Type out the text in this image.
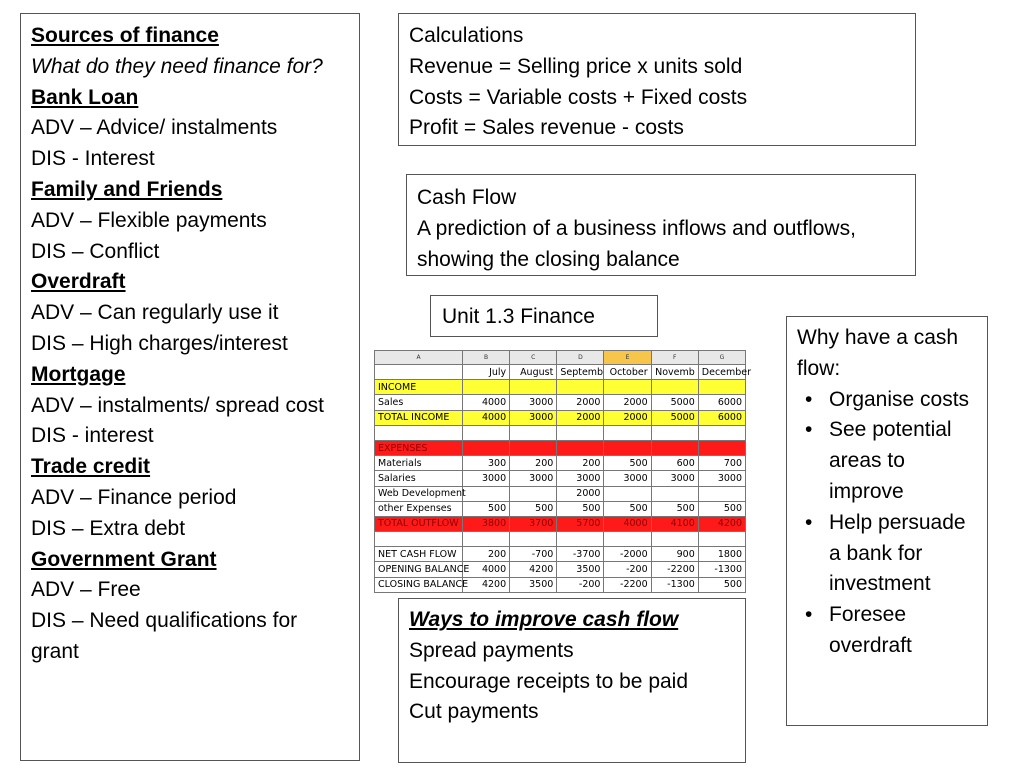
Sources of finance
What do they need finance for?
Bank Loan
ADV – Advice/ instalments
DIS - Interest
Family and Friends
ADV – Flexible payments
DIS – Conflict
Overdraft
ADV – Can regularly use it
DIS – High charges/interest
Mortgage
ADV – instalments/ spread cost
DIS - interest
Trade credit
ADV – Finance period
DIS – Extra debt
Government Grant
ADV – Free
DIS – Need qualifications for grant
Calculations
Revenue = Selling price x units sold
Costs = Variable costs + Fixed costs
Profit = Sales revenue - costs
Cash Flow
A prediction of a business inflows and outflows, showing the closing balance
Unit 1.3 Finance
A	B	C	D	E	F	G
	July	August	Septemb	October	Novemb	December
INCOME						
Sales	4000	3000	2000	2000	5000	6000
TOTAL INCOME	4000	3000	2000	2000	5000	6000

EXPENSES						
Materials	300	200	200	500	600	700
Salaries	3000	3000	3000	3000	3000	3000
Web Development			2000			
other Expenses	500	500	500	500	500	500
TOTAL OUTFLOW	3800	3700	5700	4000	4100	4200

NET CASH FLOW	200	-700	-3700	-2000	900	1800
OPENING BALANCE	4000	4200	3500	-200	-2200	-1300
CLOSING BALANCE	4200	3500	-200	-2200	-1300	500
Why have a cash flow:
• Organise costs
• See potential areas to improve
• Help persuade a bank for investment
• Foresee overdraft
Ways to improve cash flow
Spread payments
Encourage receipts to be paid
Cut payments
